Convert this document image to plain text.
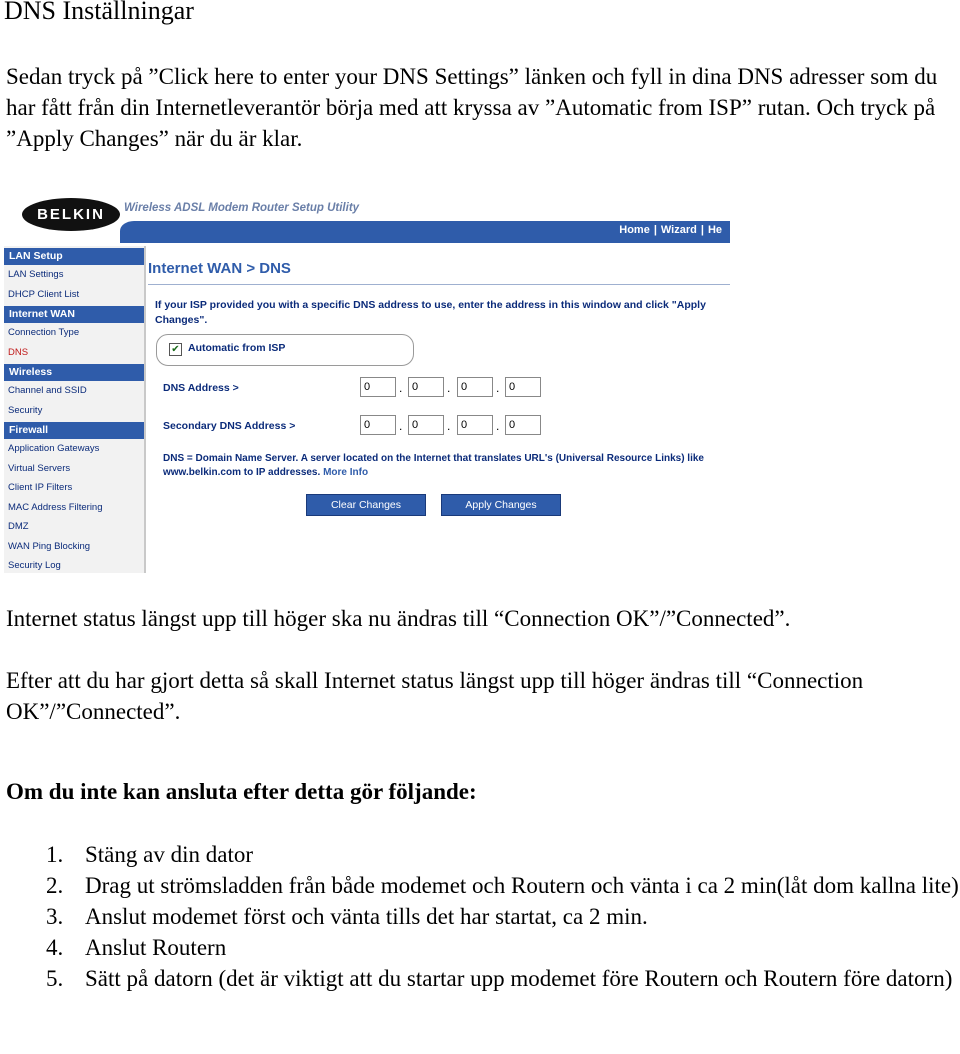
DNS Inställningar

Sedan tryck på ”Click here to enter your DNS Settings” länken och fyll in dina DNS adresser som du har fått från din Internetleverantör börja med att kryssa av ”Automatic from ISP” rutan. Och tryck på ”Apply Changes” när du är klar.

BELKIN	Wireless ADSL Modem Router Setup Utility
Home | Wizard | He
LAN Setup
LAN Settings
DHCP Client List
Internet WAN
Connection Type
DNS
Wireless
Channel and SSID
Security
Firewall
Application Gateways
Virtual Servers
Client IP Filters
MAC Address Filtering
DMZ
WAN Ping Blocking
Security Log
Internet WAN > DNS
If your ISP provided you with a specific DNS address to use, enter the address in this window and click "Apply Changes".
✔ Automatic from ISP
DNS Address >
0	.
0	.
0	.
0
Secondary DNS Address >
0	.
0	.
0	.
0
DNS = Domain Name Server. A server located on the Internet that translates URL's (Universal Resource Links) like www.belkin.com to IP addresses. More Info
Clear Changes	Apply Changes

Internet status längst upp till höger ska nu ändras till “Connection OK”/”Connected”.

Efter att du har gjort detta så skall Internet status längst upp till höger ändras till “Connection OK”/”Connected”.

Om du inte kan ansluta efter detta gör följande:

1. Stäng av din dator
2. Drag ut strömsladden från både modemet och Routern och vänta i ca 2 min(låt dom kallna lite)
3. Anslut modemet först och vänta tills det har startat, ca 2 min.
4. Anslut Routern
5. Sätt på datorn (det är viktigt att du startar upp modemet före Routern och Routern före datorn)
